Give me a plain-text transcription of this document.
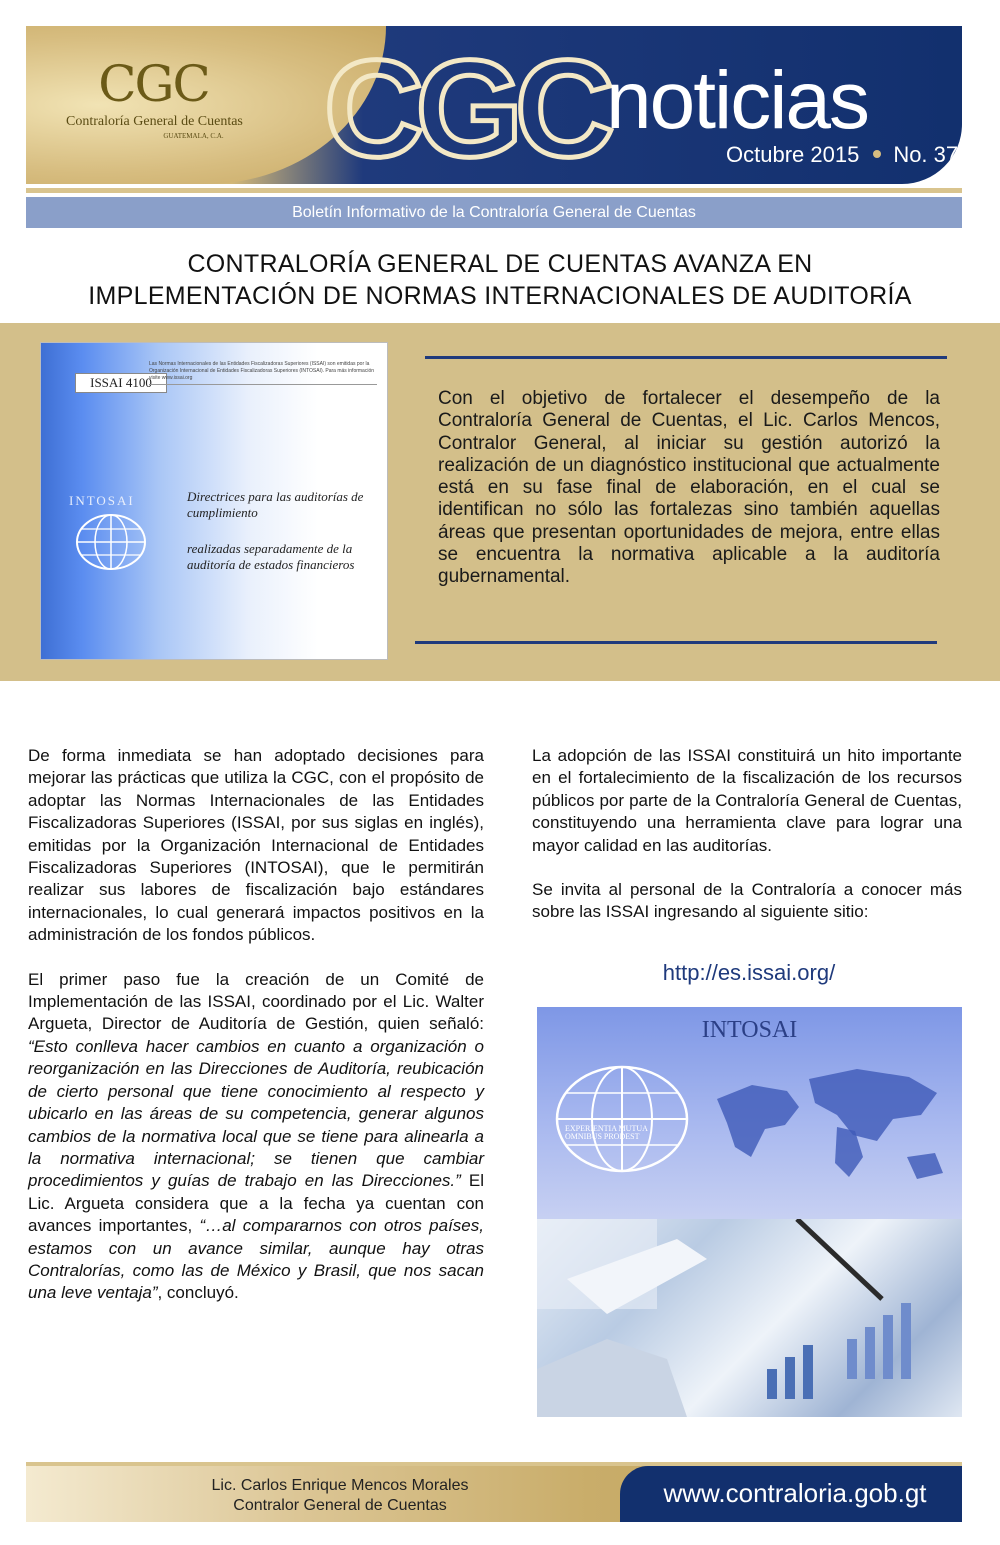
CGC
Contraloría General de Cuentas
GUATEMALA, C.A. CGC noticias
Octubre 2015 No. 37
Boletín Informativo de la Contraloría General de Cuentas
CONTRALORÍA GENERAL DE CUENTAS AVANZA EN
IMPLEMENTACIÓN DE NORMAS INTERNACIONALES DE AUDITORÍA
ISSAI 4100
Las Normas Internacionales de las Entidades Fiscalizadoras Superiores (ISSAI) son emitidas por la Organización Internacional de Entidades Fiscalizadoras Superiores (INTOSAI). Para más información visite www.issai.org
INTOSAI	Directrices para las auditorías de cumplimiento
realizadas separadamente de la auditoría de estados financieros

Con el objetivo de fortalecer el desempeño de la Contraloría General de Cuentas, el Lic. Carlos Mencos, Contralor General, al iniciar su gestión autorizó la realización de un diagnóstico institucional que actualmente está en su fase final de elaboración, en el cual se identifican no sólo las fortalezas sino también aquellas áreas que presentan oportunidades de mejora, entre ellas se encuentra la normativa aplicable a la auditoría gubernamental.

De forma inmediata se han adoptado decisiones para mejorar las prácticas que utiliza la CGC, con el propósito de adoptar las Normas Internacionales de las Entidades Fiscalizadoras Superiores (ISSAI, por sus siglas en inglés), emitidas por la Organización Internacional de Entidades Fiscalizadoras Superiores (INTOSAI), que le permitirán realizar sus labores de fiscalización bajo estándares internacionales, lo cual generará impactos positivos en la administración de los fondos públicos.

El primer paso fue la creación de un Comité de Implementación de las ISSAI, coordinado por el Lic. Walter Argueta, Director de Auditoría de Gestión, quien señaló: “Esto conlleva hacer cambios en cuanto a organización o reorganización en las Direcciones de Auditoría, reubicación de cierto personal que tiene conocimiento al respecto y ubicarlo en las áreas de su competencia, generar algunos cambios de la normativa local que se tiene para alinearla a la normativa internacional; se tienen que cambiar procedimientos y guías de trabajo en las Direcciones.” El Lic. Argueta considera que a la fecha ya cuentan con avances importantes, “…al compararnos con otros países, estamos con un avance similar, aunque hay otras Contralorías, como las de México y Brasil, que nos sacan una leve ventaja”, concluyó.

La adopción de las ISSAI constituirá un hito importante en el fortalecimiento de la fiscalización de los recursos públicos por parte de la Contraloría General de Cuentas, constituyendo una herramienta clave para lograr una mayor calidad en las auditorías.

Se invita al personal de la Contraloría a conocer más sobre las ISSAI ingresando al siguiente sitio:

http://es.issai.org/
INTOSAI
EXPERIENTIA MUTUA
OMNIBUS PRODEST
Lic. Carlos Enrique Mencos Morales
Contralor General de Cuentas	www.contraloria.gob.gt
